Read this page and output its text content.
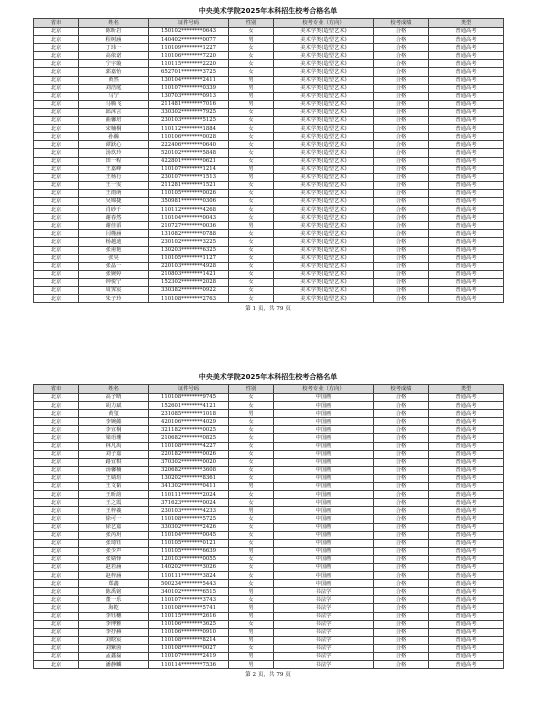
中央美术学院2025年本科招生校考合格名单
省市	姓名	证件号码	性别	校考专业（方向）	校考成绩	类型
北京	陈昕岩	150102********0643	女	美术学类(造型艺术)	合格	普通高考
北京	程树涵	140402********0077	男	美术学类(造型艺术)	合格	普通高考
北京	丁玮一	110109********1227	女	美术学类(造型艺术)	合格	普通高考
北京	高依诺	110106********7220	女	美术学类(造型艺术)	合格	普通高考
北京	宁宇璇	110115********2220	女	美术学类(造型艺术)	合格	普通高考
北京	郭嘉怡	652701********3725	女	美术学类(造型艺术)	合格	普通高考
北京	黄然	130104********2411	男	美术学类(造型艺术)	合格	普通高考
北京	刘浩庭	110107********0339	男	美术学类(造型艺术)	合格	普通高考
北京	马宁	130703********0913	男	美术学类(造型艺术)	合格	普通高考
北京	马腾飞	211481********7016	男	美术学类(造型艺术)	合格	普通高考
北京	邱沐言	330302********7925	女	美术学类(造型艺术)	合格	普通高考
北京	曲馨培	230103********5125	女	美术学类(造型艺术)	合格	普通高考
北京	宋楠桐	110112********1884	女	美术学类(造型艺术)	合格	普通高考
北京	孙瀚	110106********0028	女	美术学类(造型艺术)	合格	普通高考
北京	谭跃心	222406********0640	女	美术学类(造型艺术)	合格	普通高考
北京	汤玖玲	520102********5848	女	美术学类(造型艺术)	合格	普通高考
北京	田一程	422801********0621	女	美术学类(造型艺术)	合格	普通高考
北京	王嘉峰	110107********1214	男	美术学类(造型艺术)	合格	普通高考
北京	王杨行	230107********1513	男	美术学类(造型艺术)	合格	普通高考
北京	王一雯	211281********1521	女	美术学类(造型艺术)	合格	普通高考
北京	王雨萌	110105********0026	女	美术学类(造型艺术)	合格	普通高考
北京	吴锦捷	350981********0306	女	美术学类(造型艺术)	合格	普通高考
北京	肖砂千	110112********4268	女	美术学类(造型艺术)	合格	普通高考
北京	谢春然	110104********0043	女	美术学类(造型艺术)	合格	普通高考
北京	谢佳滔	210727********0036	男	美术学类(造型艺术)	合格	普通高考
北京	闫槿涵	131082********0788	女	美术学类(造型艺术)	合格	普通高考
北京	杨越迪	230102********3225	女	美术学类(造型艺术)	合格	普通高考
北京	张甫艳	130203********6325	女	美术学类(造型艺术)	合格	普通高考
北京	张昊	110105********1127	女	美术学类(造型艺术)	合格	普通高考
北京	张晶一	220103********4928	女	美术学类(造型艺术)	合格	普通高考
北京	张婉婷	210803********1421	女	美术学类(造型艺术)	合格	普通高考
北京	钟悦宁	152302********2028	女	美术学类(造型艺术)	合格	普通高考
北京	周霁宸	330382********0922	女	美术学类(造型艺术)	合格	普通高考
北京	朱子玲	110108********2763	女	美术学类(造型艺术)	合格	普通高考
第 1 页，共 79 页
中央美术学院2025年本科招生校考合格名单
省市	姓名	证件号码	性别	校考专业（方向）	校考成绩	类型
北京	高子晴	110108********9745	女	中国画	合格	普通高考
北京	胡力斌	152601********4121	女	中国画	合格	普通高考
北京	黄玺	231085********1018	男	中国画	合格	普通高考
北京	李婉懿	420106********4029	女	中国画	合格	普通高考
北京	李宜桐	321182********0025	女	中国画	合格	普通高考
北京	梁语珊	210682********0825	女	中国画	合格	普通高考
北京	林凡禹	110108********4227	女	中国画	合格	普通高考
北京	刘子嘉	220182********0026	女	中国画	合格	普通高考
北京	路宜棋	370302********0020	女	中国画	合格	普通高考
北京	汤馨楠	320682********3608	女	中国画	合格	普通高考
北京	王婧瑄	130202********8361	女	中国画	合格	普通高考
北京	王文韬	341302********0411	男	中国画	合格	普通高考
北京	王昕韵	110111********2024	女	中国画	合格	普通高考
北京	王之霞	371623********0024	女	中国画	合格	普通高考
北京	王梓羲	230103********4233	男	中国画	合格	普通高考
北京	徐可一	110108********5725	女	中国画	合格	普通高考
北京	徐艺嘉	330302********2426	女	中国画	合格	普通高考
北京	张芮玥	110104********0045	女	中国画	合格	普通高考
北京	张琦钰	110105********0121	女	中国画	合格	普通高考
北京	张少声	110105********6639	男	中国画	合格	普通高考
北京	张婧怿	120103********0055	女	中国画	合格	普通高考
北京	赵若涵	140202********3026	女	中国画	合格	普通高考
北京	赵梓涵	110111********3824	女	中国画	合格	普通高考
北京	郑鑫	500234********5443	女	中国画	合格	普通高考
北京	陈禹铭	340102********6515	男	书法学	合格	普通高考
北京	董一乐	110107********3743	女	书法学	合格	普通高考
北京	海乾	110108********5741	男	书法学	合格	普通高考
北京	李钰穗	110115********2616	男	书法学	合格	普通高考
北京	李博雅	110106********3625	女	书法学	合格	普通高考
北京	李抒赫	110106********0910	男	书法学	合格	普通高考
北京	刘晗宸	110108********8214	男	书法学	合格	普通高考
北京	刘紫茵	110108********0027	女	书法学	合格	普通高考
北京	孟鑫磊	110107********2419	男	书法学	合格	普通高考
北京	潘静麟	110114********7536	男	书法学	合格	普通高考
第 2 页，共 79 页
